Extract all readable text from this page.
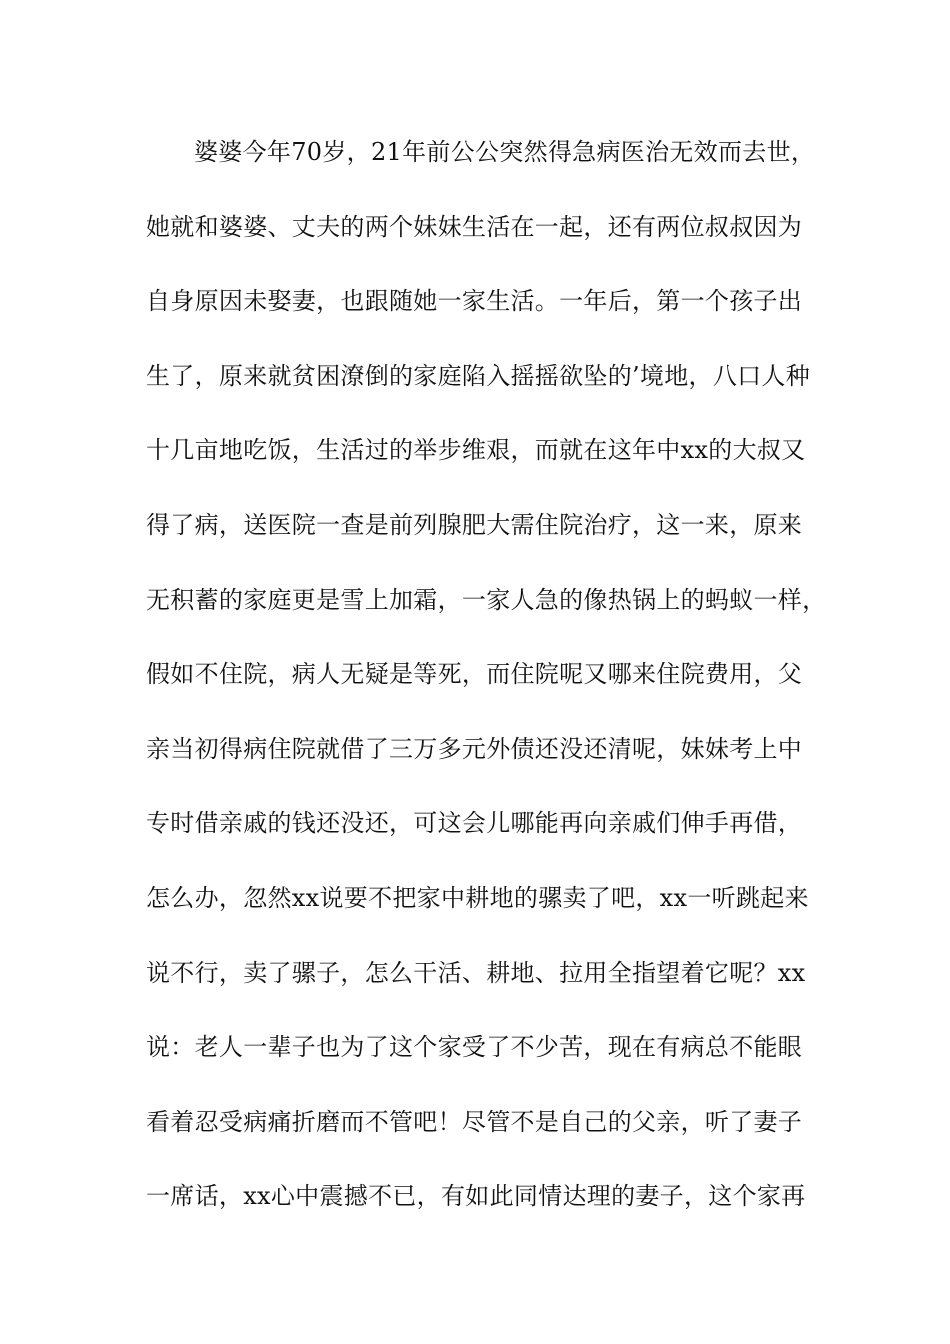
婆婆今年70岁，21年前公公突然得急病医治无效而去世，
她就和婆婆、丈夫的两个妹妹生活在一起，还有两位叔叔因为
自身原因未娶妻，也跟随她一家生活。一年后，第一个孩子出
生了，原来就贫困潦倒的家庭陷入摇摇欲坠的’境地，八口人种
十几亩地吃饭，生活过的举步维艰，而就在这年中xx的大叔又
得了病，送医院一查是前列腺肥大需住院治疗，这一来，原来
无积蓄的家庭更是雪上加霜，一家人急的像热锅上的蚂蚁一样，
假如不住院，病人无疑是等死，而住院呢又哪来住院费用，父
亲当初得病住院就借了三万多元外债还没还清呢，妹妹考上中
专时借亲戚的钱还没还，可这会儿哪能再向亲戚们伸手再借，
怎么办，忽然xx说要不把家中耕地的骡卖了吧，xx一听跳起来
说不行，卖了骡子，怎么干活、耕地、拉用全指望着它呢？xx
说：老人一辈子也为了这个家受了不少苦，现在有病总不能眼
看着忍受病痛折磨而不管吧！尽管不是自己的父亲，听了妻子
一席话，xx心中震撼不已，有如此同情达理的妻子，这个家再
